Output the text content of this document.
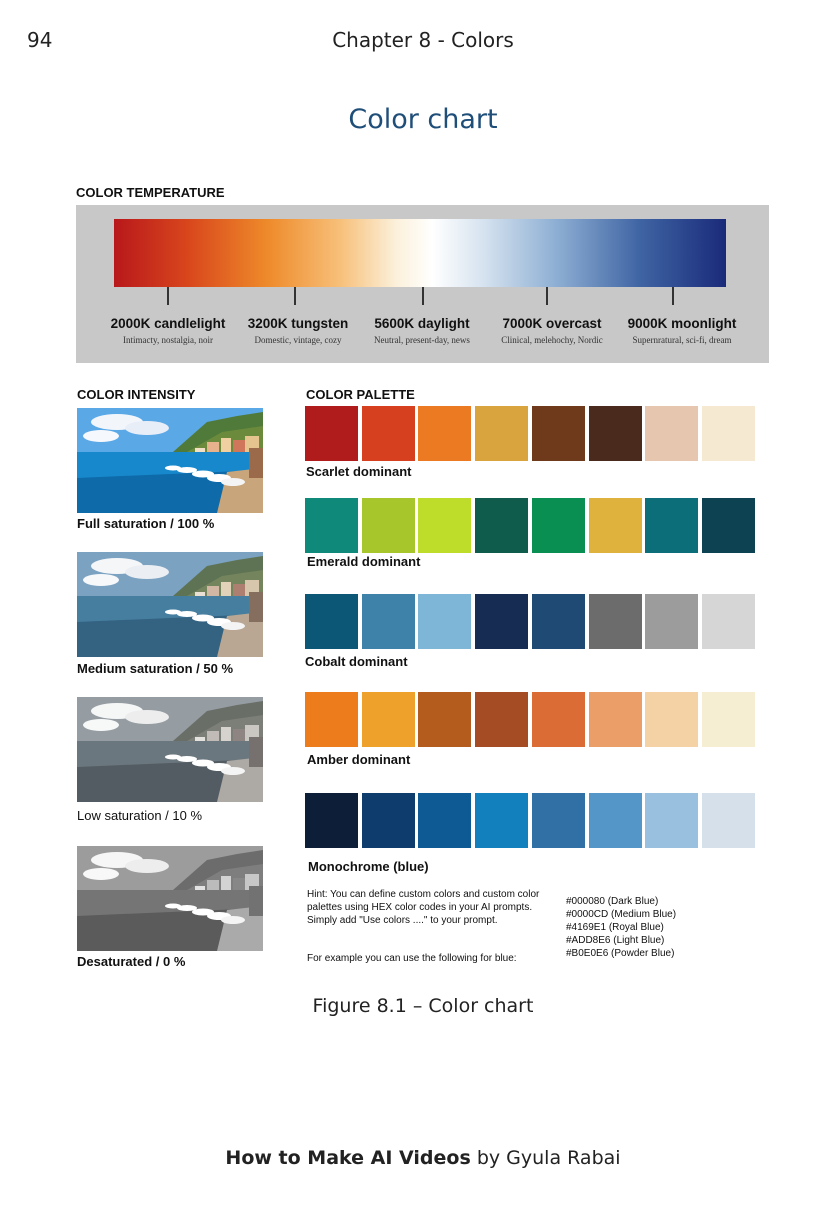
94	Chapter 8 - Colors
Color chart
COLOR TEMPERATURE
2000K candlelight
Intimacty, nostalgia, noir
3200K tungsten
Domestic, vintage, cozy
5600K daylight
Neutral, present-day, news
7000K overcast
Clinical, melehochy, Nordic
9000K moonlight
Supernratural, sci-fi, dream
COLOR INTENSITY
Full saturation / 100 %
Medium saturation / 50 %
Low saturation / 10 %
Desaturated / 0 %
COLOR PALETTE
Scarlet dominant
Emerald dominant
Cobalt dominant
Amber dominant
Monochrome (blue)
Hint: You can define custom colors and custom color palettes using HEX color codes in your AI prompts. Simply add "Use colors ...." to your prompt.
For example you can use the following for blue:
#000080 (Dark Blue)
#0000CD (Medium Blue)
#4169E1 (Royal Blue)
#ADD8E6 (Light Blue)
#B0E0E6 (Powder Blue)
Figure 8.1 – Color chart
How to Make AI Videos by Gyula Rabai
